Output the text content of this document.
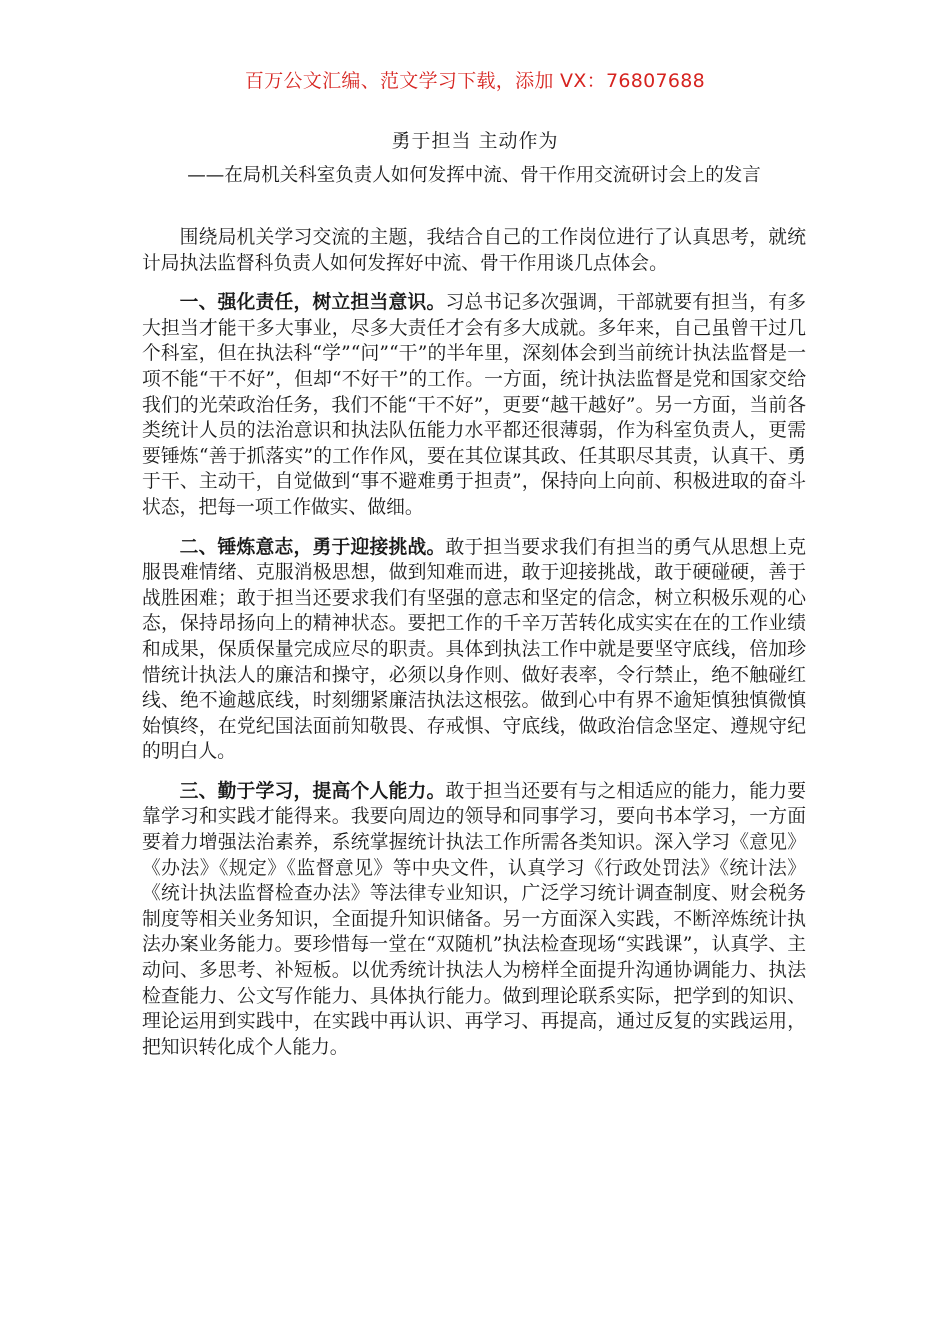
百万公文汇编、范文学习下载，添加 VX：76807688
勇于担当 主动作为
——在局机关科室负责人如何发挥中流、骨干作用交流研讨会上的发言

围绕局机关学习交流的主题，我结合自己的工作岗位进行了认真思考，就统计局执法监督科负责人如何发挥好中流、骨干作用谈几点体会。

一、强化责任，树立担当意识。习总书记多次强调，干部就要有担当，有多大担当才能干多大事业，尽多大责任才会有多大成就。多年来，自己虽曾干过几个科室，但在执法科“学”“问”“干”的半年里，深刻体会到当前统计执法监督是一项不能“干不好”，但却“不好干”的工作。一方面，统计执法监督是党和国家交给我们的光荣政治任务，我们不能“干不好”，更要“越干越好”。另一方面，当前各类统计人员的法治意识和执法队伍能力水平都还很薄弱，作为科室负责人，更需要锤炼“善于抓落实”的工作作风，要在其位谋其政、任其职尽其责，认真干、勇于干、主动干，自觉做到“事不避难勇于担责”，保持向上向前、积极进取的奋斗状态，把每一项工作做实、做细。

二、锤炼意志，勇于迎接挑战。敢于担当要求我们有担当的勇气从思想上克服畏难情绪、克服消极思想，做到知难而进，敢于迎接挑战，敢于硬碰硬，善于战胜困难；敢于担当还要求我们有坚强的意志和坚定的信念，树立积极乐观的心态，保持昂扬向上的精神状态。要把工作的千辛万苦转化成实实在在的工作业绩和成果，保质保量完成应尽的职责。具体到执法工作中就是要坚守底线，倍加珍惜统计执法人的廉洁和操守，必须以身作则、做好表率，令行禁止，绝不触碰红线、绝不逾越底线，时刻绷紧廉洁执法这根弦。做到心中有界不逾矩慎独慎微慎始慎终，在党纪国法面前知敬畏、存戒惧、守底线，做政治信念坚定、遵规守纪的明白人。

三、勤于学习，提高个人能力。敢于担当还要有与之相适应的能力，能力要靠学习和实践才能得来。我要向周边的领导和同事学习，要向书本学习，一方面要着力增强法治素养，系统掌握统计执法工作所需各类知识。深入学习《意见》《办法》《规定》《监督意见》等中央文件，认真学习《行政处罚法》《统计法》《统计执法监督检查办法》等法律专业知识，广泛学习统计调查制度、财会税务制度等相关业务知识，全面提升知识储备。另一方面深入实践，不断淬炼统计执法办案业务能力。要珍惜每一堂在“双随机”执法检查现场“实践课”，认真学、主动问、多思考、补短板。以优秀统计执法人为榜样全面提升沟通协调能力、执法检查能力、公文写作能力、具体执行能力。做到理论联系实际，把学到的知识、理论运用到实践中，在实践中再认识、再学习、再提高，通过反复的实践运用，把知识转化成个人能力。
